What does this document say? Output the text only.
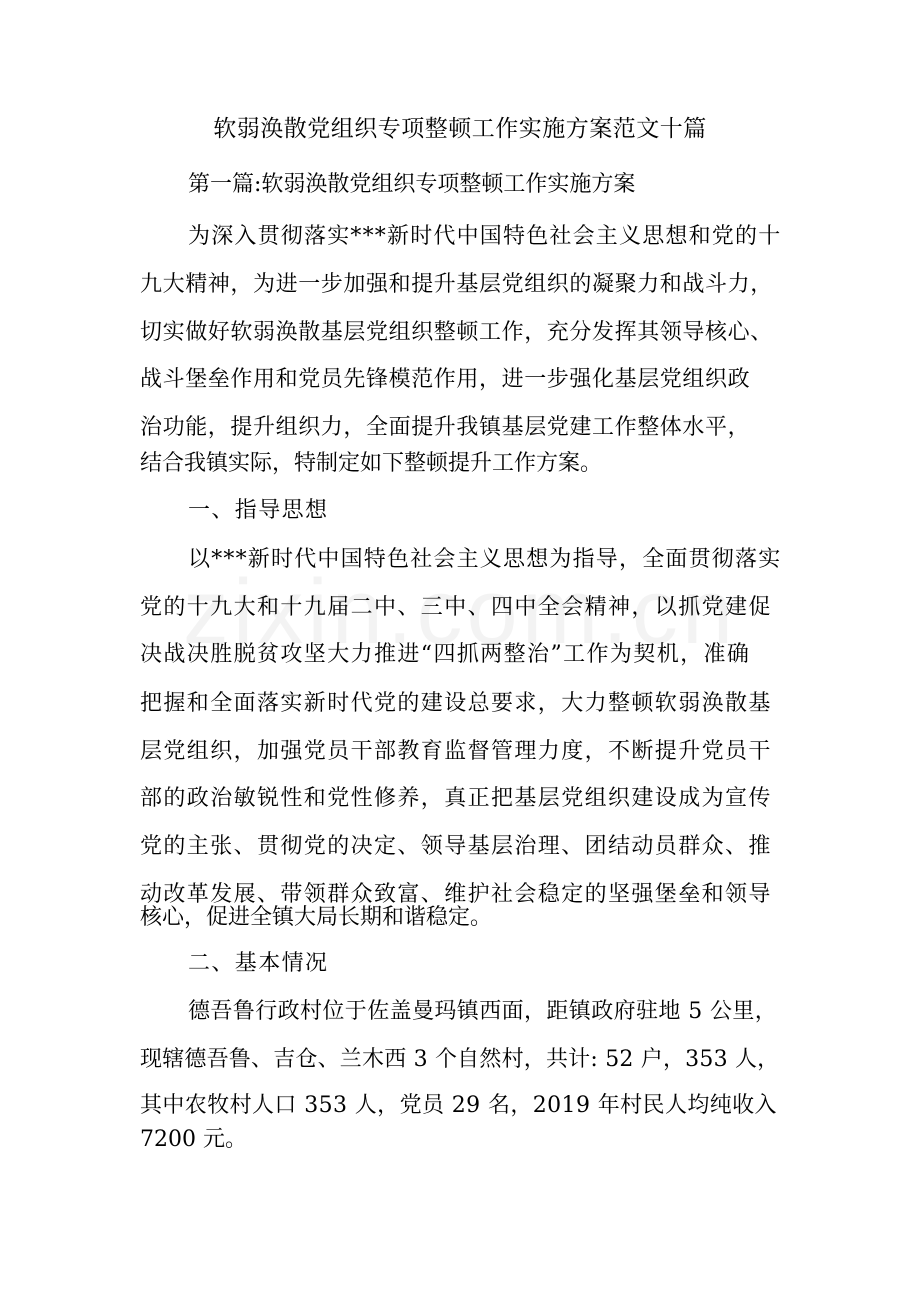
软弱涣散党组织专项整顿工作实施方案范文十篇
第一篇:软弱涣散党组织专项整顿工作实施方案
为深入贯彻落实***新时代中国特色社会主义思想和党的十
九大精神，为进一步加强和提升基层党组织的凝聚力和战斗力，
切实做好软弱涣散基层党组织整顿工作，充分发挥其领导核心、
战斗堡垒作用和党员先锋模范作用，进一步强化基层党组织政
治功能，提升组织力，全面提升我镇基层党建工作整体水平，
结合我镇实际，特制定如下整顿提升工作方案。
一、指导思想
以***新时代中国特色社会主义思想为指导，全面贯彻落实
党的十九大和十九届二中、三中、四中全会精神，以抓党建促
决战决胜脱贫攻坚大力推进“四抓两整治”工作为契机，准确
把握和全面落实新时代党的建设总要求，大力整顿软弱涣散基
层党组织，加强党员干部教育监督管理力度，不断提升党员干
部的政治敏锐性和党性修养，真正把基层党组织建设成为宣传
党的主张、贯彻党的决定、领导基层治理、团结动员群众、推
动改革发展、带领群众致富、维护社会稳定的坚强堡垒和领导
核心，促进全镇大局长期和谐稳定。
二、基本情况
德吾鲁行政村位于佐盖曼玛镇西面，距镇政府驻地 5 公里，
现辖德吾鲁、吉仓、兰木西 3 个自然村，共计: 52 户，353 人，
其中农牧村人口 353 人，党员 29 名，2019 年村民人均纯收入
7200 元。
